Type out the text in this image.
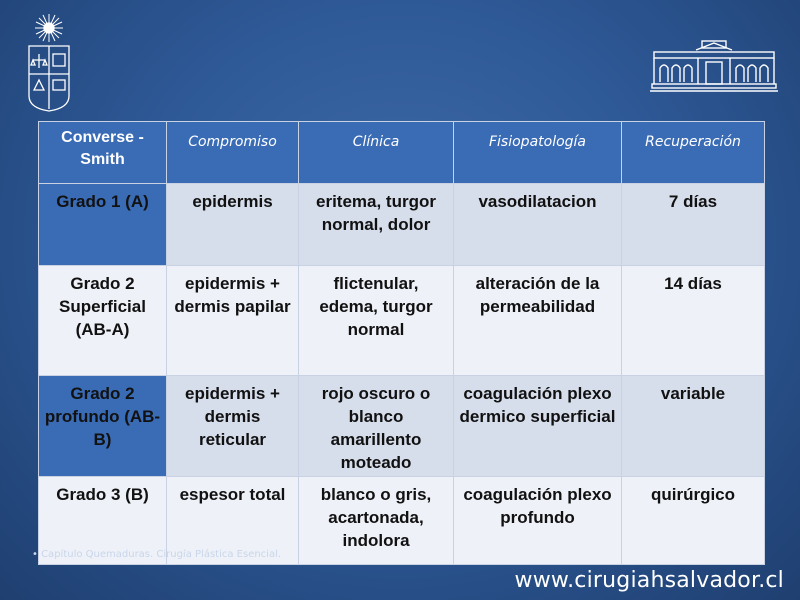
Converse - Smith	Compromiso	Clínica	Fisiopatología	Recuperación
Grado 1 (A)	epidermis	eritema, turgor normal, dolor	vasodilatacion	7 días
Grado 2 Superficial (AB-A)	epidermis + dermis papilar	flictenular, edema, turgor normal	alteración de la permeabilidad	14 días
Grado 2 profundo (AB-B)	epidermis + dermis reticular	rojo oscuro o blanco amarillento moteado	coagulación plexo dermico superficial	variable
Grado 3 (B)	espesor total	blanco o gris, acartonada, indolora	coagulación plexo profundo	quirúrgico
• Capítulo Quemaduras. Cirugía Plástica Esencial.
www.cirugiahsalvador.cl
